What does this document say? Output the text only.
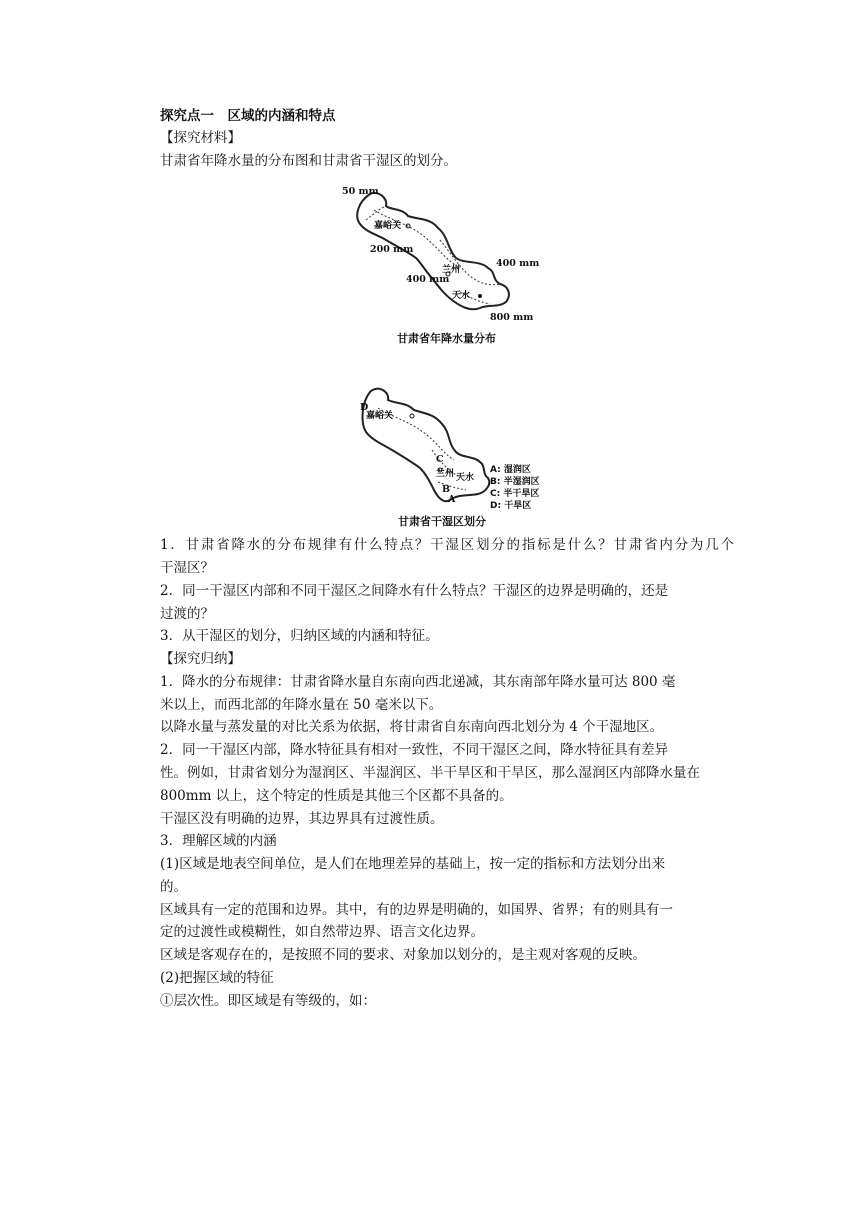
探究点一　区域的内涵和特点
【探究材料】
甘肃省年降水量的分布图和甘肃省干湿区的划分。
50 mm
嘉峪关
200 mm
兰州
400 mm
400 mm
天水
800 mm
甘肃省年降水量分布
D
嘉峪关
C
兰州 天水
B
A
A: 湿润区
B: 半湿润区
C: 半干旱区
D: 干旱区
甘肃省干湿区划分
1．甘肃省降水的分布规律有什么特点？干湿区划分的指标是什么？甘肃省内分为几个
干湿区？
2．同一干湿区内部和不同干湿区之间降水有什么特点？干湿区的边界是明确的，还是
过渡的？
3．从干湿区的划分，归纳区域的内涵和特征。
【探究归纳】
1．降水的分布规律：甘肃省降水量自东南向西北递减，其东南部年降水量可达 800 毫
米以上，而西北部的年降水量在 50 毫米以下。
以降水量与蒸发量的对比关系为依据，将甘肃省自东南向西北划分为 4 个干湿地区。
2．同一干湿区内部，降水特征具有相对一致性，不同干湿区之间，降水特征具有差异
性。例如，甘肃省划分为湿润区、半湿润区、半干旱区和干旱区，那么湿润区内部降水量在
800mm 以上，这个特定的性质是其他三个区都不具备的。
干湿区没有明确的边界，其边界具有过渡性质。
3．理解区域的内涵
(1)区域是地表空间单位，是人们在地理差异的基础上，按一定的指标和方法划分出来
的。
区域具有一定的范围和边界。其中，有的边界是明确的，如国界、省界；有的则具有一
定的过渡性或模糊性，如自然带边界、语言文化边界。
区域是客观存在的，是按照不同的要求、对象加以划分的，是主观对客观的反映。
(2)把握区域的特征
①层次性。即区域是有等级的，如：
